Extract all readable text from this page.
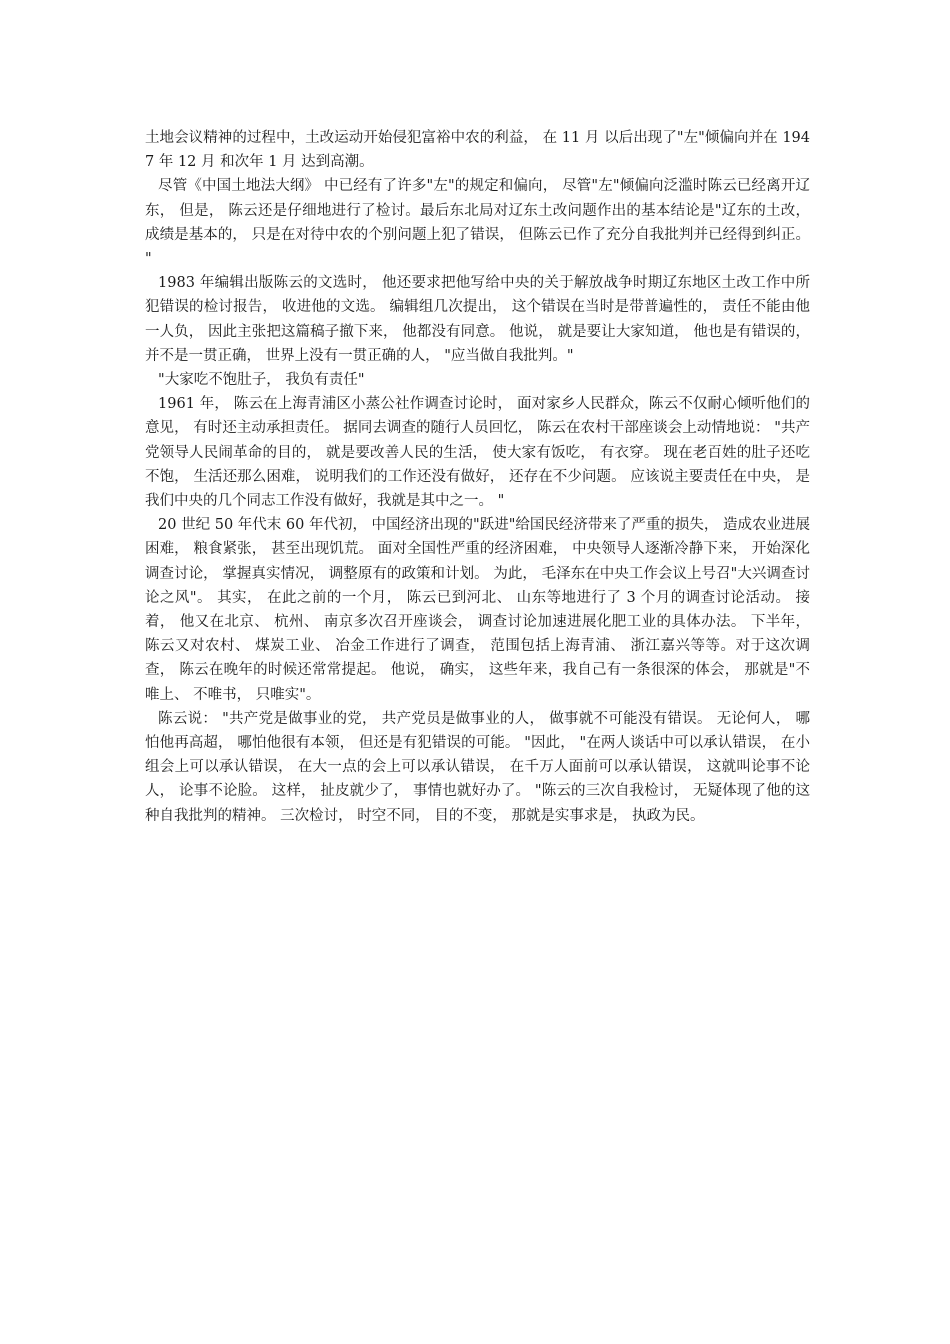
土地会议精神的过程中，土改运动开始侵犯富裕中农的利益， 在 11 月 以后出现了"左"倾偏向并在 1947 年 12 月 和次年 1 月 达到高潮。

尽管《中国土地法大纲》 中已经有了许多"左"的规定和偏向， 尽管"左"倾偏向泛滥时陈云已经离开辽东， 但是， 陈云还是仔细地进行了检讨。最后东北局对辽东土改问题作出的基本结论是"辽东的土改， 成绩是基本的， 只是在对待中农的个别问题上犯了错误， 但陈云已作了充分自我批判并已经得到纠正。 "

1983 年编辑出版陈云的文选时， 他还要求把他写给中央的关于解放战争时期辽东地区土改工作中所犯错误的检讨报告， 收进他的文选。 编辑组几次提出， 这个错误在当时是带普遍性的， 责任不能由他一人负， 因此主张把这篇稿子撤下来， 他都没有同意。 他说， 就是要让大家知道， 他也是有错误的， 并不是一贯正确， 世界上没有一贯正确的人， "应当做自我批判。"

"大家吃不饱肚子， 我负有责任"

1961 年， 陈云在上海青浦区小蒸公社作调查讨论时， 面对家乡人民群众，陈云不仅耐心倾听他们的意见， 有时还主动承担责任。 据同去调查的随行人员回忆， 陈云在农村干部座谈会上动情地说： "共产党领导人民闹革命的目的， 就是要改善人民的生活， 使大家有饭吃， 有衣穿。 现在老百姓的肚子还吃不饱， 生活还那么困难， 说明我们的工作还没有做好， 还存在不少问题。 应该说主要责任在中央， 是我们中央的几个同志工作没有做好，我就是其中之一。 "

20 世纪 50 年代末 60 年代初， 中国经济出现的"跃进"给国民经济带来了严重的损失， 造成农业进展困难， 粮食紧张， 甚至出现饥荒。 面对全国性严重的经济困难， 中央领导人逐渐冷静下来， 开始深化调查讨论， 掌握真实情况， 调整原有的政策和计划。 为此， 毛泽东在中央工作会议上号召"大兴调查讨论之风"。 其实， 在此之前的一个月， 陈云已到河北、 山东等地进行了 3 个月的调查讨论活动。 接着， 他又在北京、 杭州、 南京多次召开座谈会， 调查讨论加速进展化肥工业的具体办法。 下半年， 陈云又对农村、 煤炭工业、 冶金工作进行了调查， 范围包括上海青浦、 浙江嘉兴等等。对于这次调查， 陈云在晚年的时候还常常提起。 他说， 确实， 这些年来，我自己有一条很深的体会， 那就是"不唯上、 不唯书， 只唯实"。

陈云说： "共产党是做事业的党， 共产党员是做事业的人， 做事就不可能没有错误。 无论何人， 哪怕他再高超， 哪怕他很有本领， 但还是有犯错误的可能。 "因此， "在两人谈话中可以承认错误， 在小组会上可以承认错误， 在大一点的会上可以承认错误， 在千万人面前可以承认错误， 这就叫论事不论人， 论事不论脸。 这样， 扯皮就少了， 事情也就好办了。 "陈云的三次自我检讨， 无疑体现了他的这种自我批判的精神。 三次检讨， 时空不同， 目的不变， 那就是实事求是， 执政为民。
